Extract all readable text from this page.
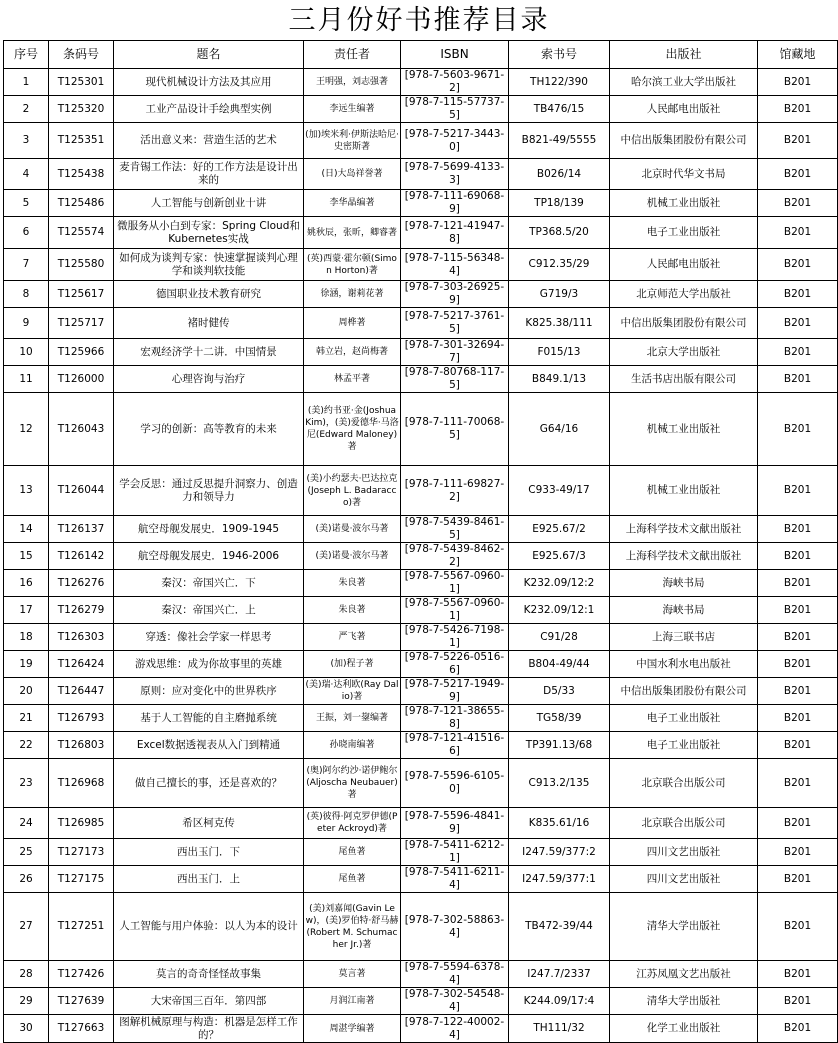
三月份好书推荐目录
序号	条码号	题名	责任者	ISBN	索书号	出版社	馆藏地
1	T125301	现代机械设计方法及其应用	王明强，刘志强著	[978-7-5603-9671-2]	TH122/390	哈尔滨工业大学出版社	B201
2	T125320	工业产品设计手绘典型实例	李远生编著	[978-7-115-57737-5]	TB476/15	人民邮电出版社	B201
3	T125351	活出意义来：营造生活的艺术	(加)埃米利·伊斯法哈尼·史密斯著	[978-7-5217-3443-0]	B821-49/5555	中信出版集团股份有限公司	B201
4	T125438	麦肯锡工作法：好的工作方法是设计出来的	(日)大岛祥誉著	[978-7-5699-4133-3]	B026/14	北京时代华文书局	B201
5	T125486	人工智能与创新创业十讲	李华晶编著	[978-7-111-69068-9]	TP18/139	机械工业出版社	B201
6	T125574	微服务从小白到专家：Spring Cloud和Kubernetes实战	姚秋辰，张昕，卿睿著	[978-7-121-41947-8]	TP368.5/20	电子工业出版社	B201
7	T125580	如何成为谈判专家：快速掌握谈判心理学和谈判软技能	(英)西蒙·霍尔顿(Simon Horton)著	[978-7-115-56348-4]	C912.35/29	人民邮电出版社	B201
8	T125617	德国职业技术教育研究	徐涵，谢莉花著	[978-7-303-26925-9]	G719/3	北京师范大学出版社	B201
9	T125717	褚时健传	周桦著	[978-7-5217-3761-5]	K825.38/111	中信出版集团股份有限公司	B201
10	T125966	宏观经济学十二讲．中国情景	韩立岩，赵尚梅著	[978-7-301-32694-7]	F015/13	北京大学出版社	B201
11	T126000	心理咨询与治疗	林孟平著	[978-7-80768-117-5]	B849.1/13	生活书店出版有限公司	B201
12	T126043	学习的创新：高等教育的未来	(美)约书亚·金(Joshua Kim)，(美)爱德华·马洛尼(Edward Maloney)著	[978-7-111-70068-5]	G64/16	机械工业出版社	B201
13	T126044	学会反思：通过反思提升洞察力、创造力和领导力	(美)小约瑟夫·巴达拉克(Joseph L. Badaracco)著	[978-7-111-69827-2]	C933-49/17	机械工业出版社	B201
14	T126137	航空母舰发展史．1909-1945	(美)诺曼·波尔马著	[978-7-5439-8461-5]	E925.67/2	上海科学技术文献出版社	B201
15	T126142	航空母舰发展史．1946-2006	(美)诺曼·波尔马著	[978-7-5439-8462-2]	E925.67/3	上海科学技术文献出版社	B201
16	T126276	秦汉：帝国兴亡．下	朱良著	[978-7-5567-0960-1]	K232.09/12:2	海峡书局	B201
17	T126279	秦汉：帝国兴亡．上	朱良著	[978-7-5567-0960-1]	K232.09/12:1	海峡书局	B201
18	T126303	穿透：像社会学家一样思考	严飞著	[978-7-5426-7198-1]	C91/28	上海三联书店	B201
19	T126424	游戏思维：成为你故事里的英雄	(加)程子著	[978-7-5226-0516-6]	B804-49/44	中国水利水电出版社	B201
20	T126447	原则：应对变化中的世界秩序	(美)瑞·达利欧(Ray Dalio)著	[978-7-5217-1949-9]	D5/33	中信出版集团股份有限公司	B201
21	T126793	基于人工智能的自主磨抛系统	王振，刘一鋆编著	[978-7-121-38655-8]	TG58/39	电子工业出版社	B201
22	T126803	Excel数据透视表从入门到精通	孙晓南编著	[978-7-121-41516-6]	TP391.13/68	电子工业出版社	B201
23	T126968	做自己擅长的事，还是喜欢的？	(奥)阿尔约沙·诺伊鲍尔(Aljoscha Neubauer)著	[978-7-5596-6105-0]	C913.2/135	北京联合出版公司	B201
24	T126985	希区柯克传	(英)彼得·阿克罗伊德(Peter Ackroyd)著	[978-7-5596-4841-9]	K835.61/16	北京联合出版公司	B201
25	T127173	西出玉门．下	尾鱼著	[978-7-5411-6212-1]	I247.59/377:2	四川文艺出版社	B201
26	T127175	西出玉门．上	尾鱼著	[978-7-5411-6211-4]	I247.59/377:1	四川文艺出版社	B201
27	T127251	人工智能与用户体验：以人为本的设计	(美)刘嘉闻(Gavin Lew)，(美)罗伯特·舒马赫(Robert M. Schumacher Jr.)著	[978-7-302-58863-4]	TB472-39/44	清华大学出版社	B201
28	T127426	莫言的奇奇怪怪故事集	莫言著	[978-7-5594-6378-4]	I247.7/2337	江苏凤凰文艺出版社	B201
29	T127639	大宋帝国三百年．第四部	月润江南著	[978-7-302-54548-4]	K244.09/17:4	清华大学出版社	B201
30	T127663	图解机械原理与构造：机器是怎样工作的？	周湛学编著	[978-7-122-40002-4]	TH111/32	化学工业出版社	B201
